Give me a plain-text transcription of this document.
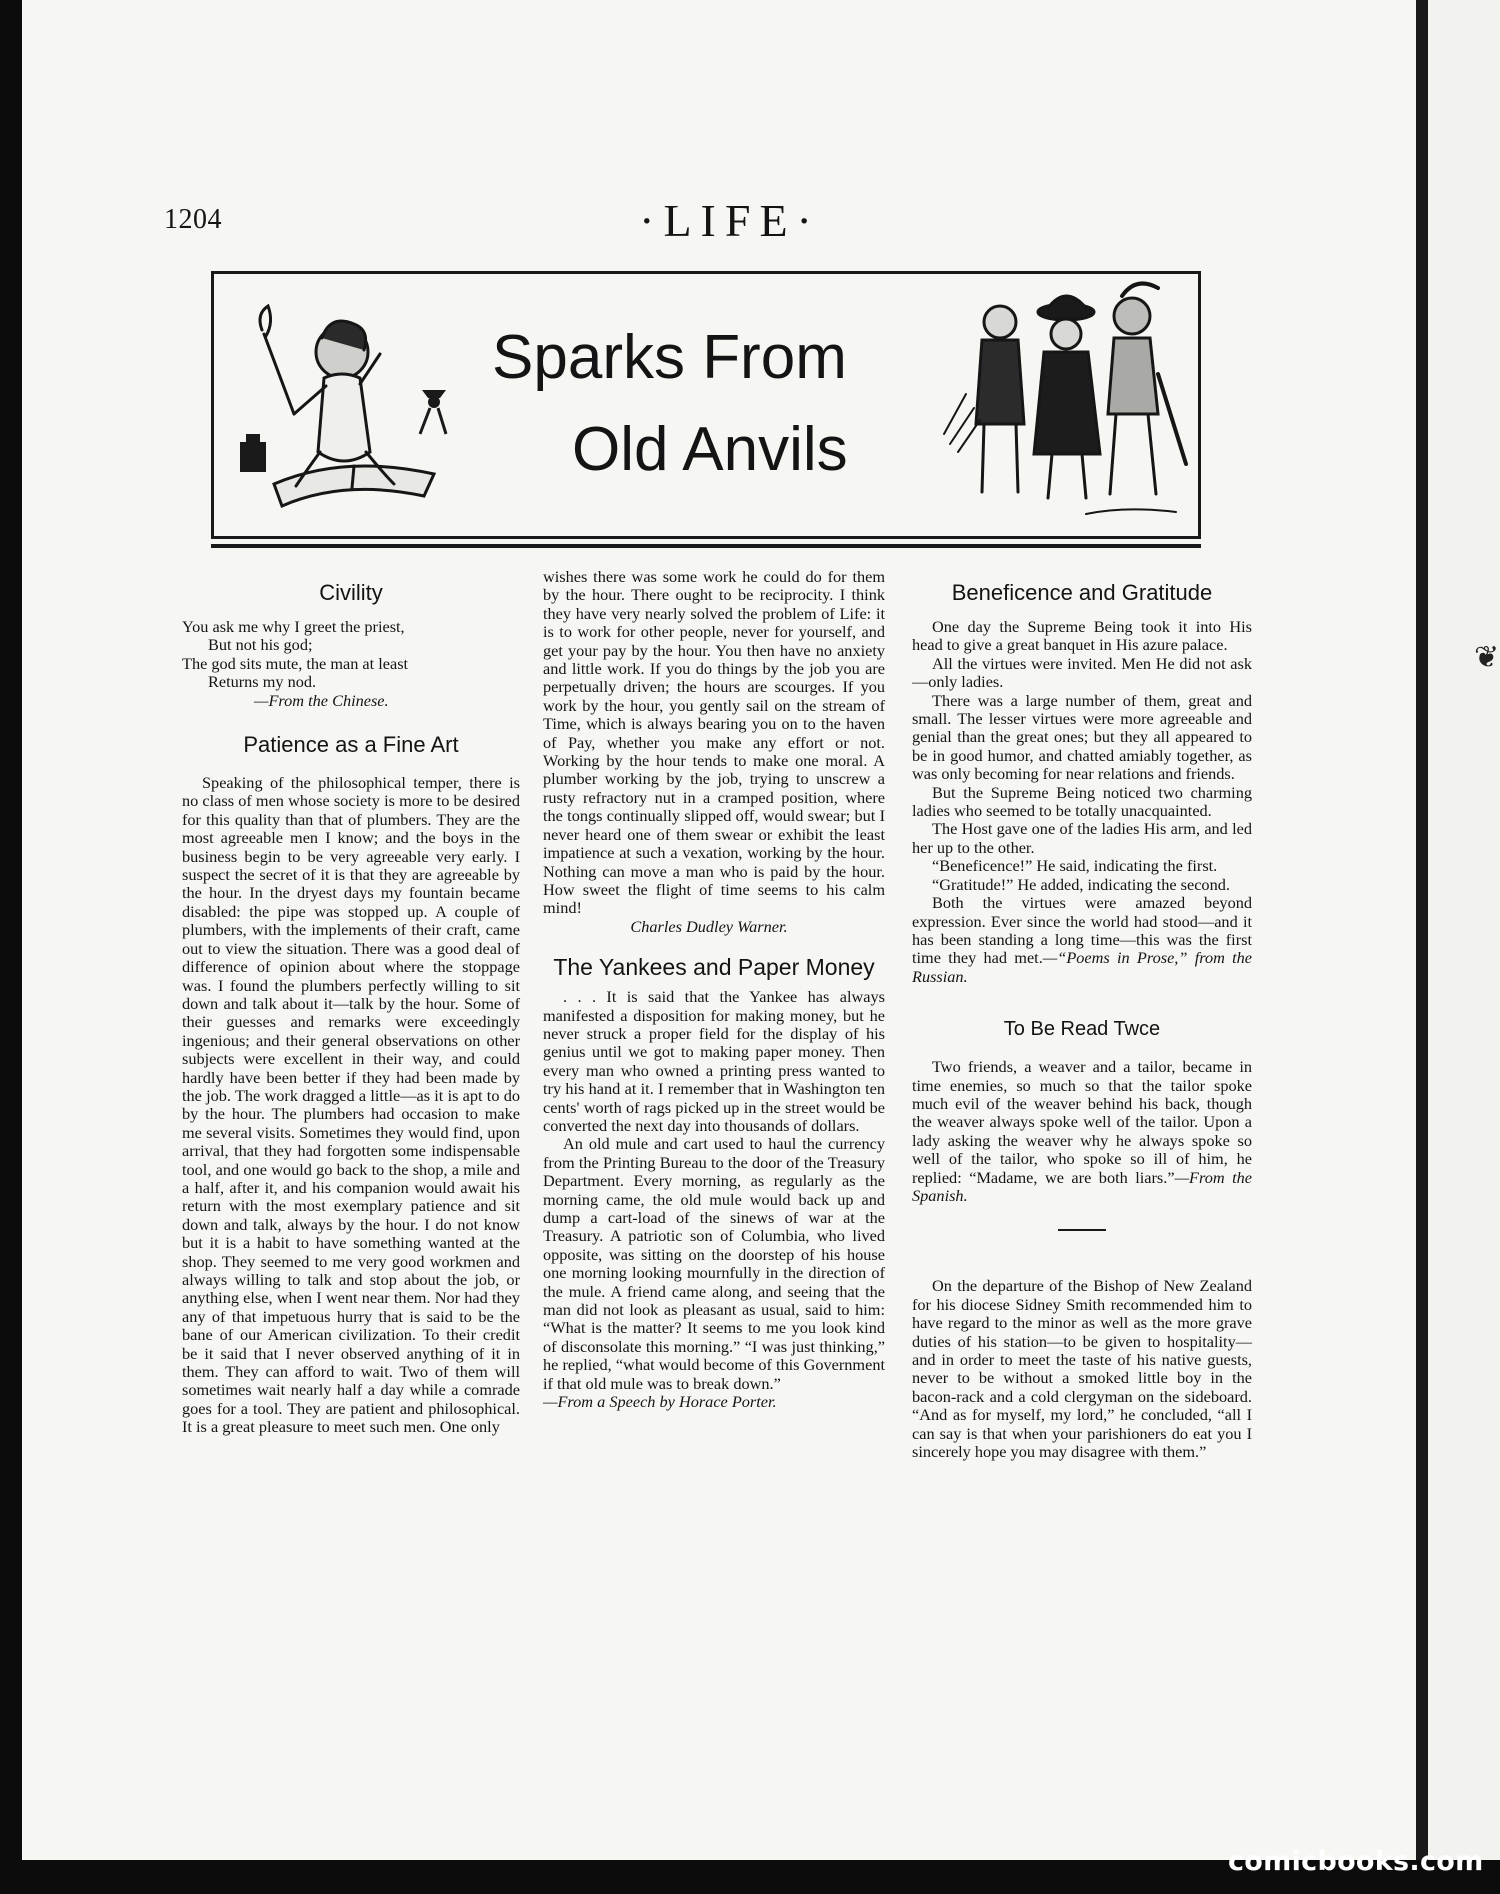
❦
1204	·LIFE·
Sparks From
Old Anvils
Civility
You ask me why I greet the priest,
But not his god;
The god sits mute, the man at least
Returns my nod.
—From the Chinese.
Patience as a Fine Art

Speaking of the philosophical temper, there is no class of men whose society is more to be desired for this quality than that of plumbers. They are the most agreeable men I know; and the boys in the business begin to be very agreeable very early. I suspect the secret of it is that they are agreeable by the hour. In the dryest days my fountain became disabled: the pipe was stopped up. A couple of plumbers, with the implements of their craft, came out to view the situation. There was a good deal of difference of opinion about where the stoppage was. I found the plumbers perfectly willing to sit down and talk about it—talk by the hour. Some of their guesses and remarks were exceedingly ingenious; and their general observations on other subjects were excellent in their way, and could hardly have been better if they had been made by the job. The work dragged a little—as it is apt to do by the hour. The plumbers had occasion to make me several visits. Sometimes they would find, upon arrival, that they had forgotten some indispensable tool, and one would go back to the shop, a mile and a half, after it, and his companion would await his return with the most exemplary patience and sit down and talk, always by the hour. I do not know but it is a habit to have something wanted at the shop. They seemed to me very good workmen and always willing to talk and stop about the job, or anything else, when I went near them. Nor had they any of that impetuous hurry that is said to be the bane of our American civilization. To their credit be it said that I never observed anything of it in them. They can afford to wait. Two of them will sometimes wait nearly half a day while a comrade goes for a tool. They are patient and philosophical. It is a great pleasure to meet such men. One only

wishes there was some work he could do for them by the hour. There ought to be reciprocity. I think they have very nearly solved the problem of Life: it is to work for other people, never for yourself, and get your pay by the hour. You then have no anxiety and little work. If you do things by the job you are perpetually driven; the hours are scourges. If you work by the hour, you gently sail on the stream of Time, which is always bearing you on to the haven of Pay, whether you make any effort or not. Working by the hour tends to make one moral. A plumber working by the job, trying to unscrew a rusty refractory nut in a cramped position, where the tongs continually slipped off, would swear; but I never heard one of them swear or exhibit the least impatience at such a vexation, working by the hour. Nothing can move a man who is paid by the hour. How sweet the flight of time seems to his calm mind!

Charles Dudley Warner.

The Yankees and Paper Money

. . . It is said that the Yankee has always manifested a disposition for making money, but he never struck a proper field for the display of his genius until we got to making paper money. Then every man who owned a printing press wanted to try his hand at it. I remember that in Washington ten cents' worth of rags picked up in the street would be converted the next day into thousands of dollars.

An old mule and cart used to haul the currency from the Printing Bureau to the door of the Treasury Department. Every morning, as regularly as the morning came, the old mule would back up and dump a cart-load of the sinews of war at the Treasury. A patriotic son of Columbia, who lived opposite, was sitting on the doorstep of his house one morning looking mournfully in the direction of the mule. A friend came along, and seeing that the man did not look as pleasant as usual, said to him: “What is the matter? It seems to me you look kind of disconsolate this morning.” “I was just thinking,” he replied, “what would become of this Government if that old mule was to break down.”

—From a Speech by Horace Porter.

Beneficence and Gratitude

One day the Supreme Being took it into His head to give a great banquet in His azure palace.

All the virtues were invited. Men He did not ask—only ladies.

There was a large number of them, great and small. The lesser virtues were more agreeable and genial than the great ones; but they all appeared to be in good humor, and chatted amiably together, as was only becoming for near relations and friends.

But the Supreme Being noticed two charming ladies who seemed to be totally unacquainted.

The Host gave one of the ladies His arm, and led her up to the other.

“Beneficence!” He said, indicating the first.

“Gratitude!” He added, indicating the second.

Both the virtues were amazed beyond expression. Ever since the world had stood—and it has been standing a long time—this was the first time they had met.—“Poems in Prose,” from the Russian.

To Be Read Twce

Two friends, a weaver and a tailor, became in time enemies, so much so that the tailor spoke much evil of the weaver behind his back, though the weaver always spoke well of the tailor. Upon a lady asking the weaver why he always spoke so well of the tailor, who spoke so ill of him, he replied: “Madame, we are both liars.”—From the Spanish.

On the departure of the Bishop of New Zealand for his diocese Sidney Smith recommended him to have regard to the minor as well as the more grave duties of his station—to be given to hospitality—and in order to meet the taste of his native guests, never to be without a smoked little boy in the bacon-rack and a cold clergyman on the sideboard. “And as for myself, my lord,” he concluded, “all I can say is that when your parishioners do eat you I sincerely hope you may disagree with them.”

comicbooks.com
